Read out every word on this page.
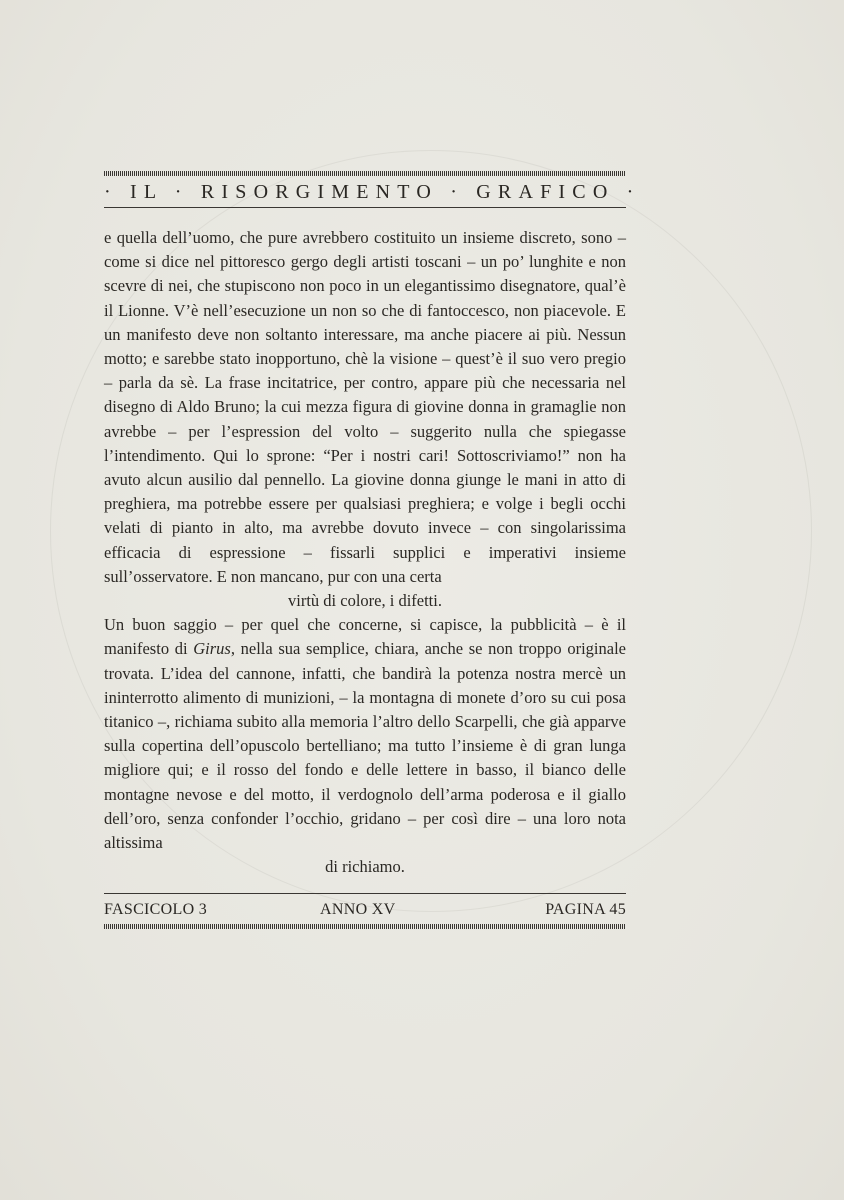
· IL · RISORGIMENTO · GRAFICO ·

e quella dell’uomo, che pure avrebbero costituito un insieme discreto, sono – come si dice nel pittoresco gergo degli artisti toscani – un po’ lunghite e non scevre di nei, che stupiscono non poco in un elegantissimo disegnatore, qual’è il Lionne. V’è nell’esecuzione un non so che di fantoccesco, non piacevole. E un manifesto deve non soltanto interessare, ma anche piacere ai più. Nessun motto; e sarebbe stato inopportuno, chè la visione – quest’è il suo vero pregio – parla da sè. La frase incitatrice, per contro, appare più che necessaria nel disegno di Aldo Bruno; la cui mezza figura di giovine donna in gramaglie non avrebbe – per l’espression del volto – suggerito nulla che spiegasse l’intendimento. Qui lo sprone: “Per i nostri cari! Sottoscriviamo!” non ha avuto alcun ausilio dal pennello. La giovine donna giunge le mani in atto di preghiera, ma potrebbe essere per qualsiasi preghiera; e volge i begli occhi velati di pianto in alto, ma avrebbe dovuto invece – con singolarissima efficacia di espressione – fissarli supplici e imperativi insieme sull’osservatore. E non mancano, pur con una certa

virtù di colore, i difetti.

Un buon saggio – per quel che concerne, si capisce, la pubblicità – è il manifesto di Girus, nella sua semplice, chiara, anche se non troppo originale trovata. L’idea del cannone, infatti, che bandirà la potenza nostra mercè un ininterrotto alimento di munizioni, – la montagna di monete d’oro su cui posa titanico –, richiama subito alla memoria l’altro dello Scarpelli, che già apparve sulla copertina dell’opuscolo bertelliano; ma tutto l’insieme è di gran lunga migliore qui; e il rosso del fondo e delle lettere in basso, il bianco delle montagne nevose e del motto, il verdognolo dell’arma poderosa e il giallo dell’oro, senza confonder l’occhio, gridano – per così dire – una loro nota altissima

di richiamo.

FASCICOLO 3	ANNO XV	PAGINA 45
